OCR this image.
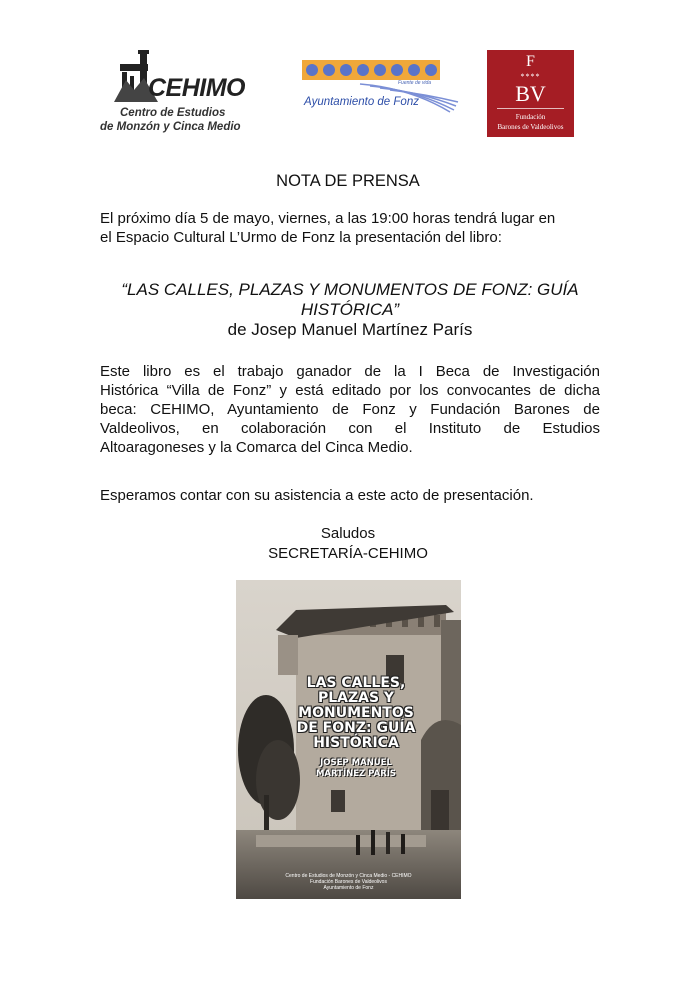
CEHIMO
Centro de Estudios
de Monzón y Cinca Medio
Fuente de vida
Ayuntamiento de Fonz
F
****
BV
Fundación
Barones de Valdeolivos
NOTA DE PRENSA
El próximo día 5 de mayo, viernes, a las 19:00 horas tendrá lugar en
el Espacio Cultural L’Urmo de Fonz la presentación del libro:
“LAS CALLES, PLAZAS Y MONUMENTOS DE FONZ: GUÍA
HISTÓRICA”
de Josep Manuel Martínez París
Este libro es el trabajo ganador de la I Beca de Investigación
Histórica “Villa de Fonz” y está editado por los convocantes de dicha
beca: CEHIMO, Ayuntamiento de Fonz y Fundación Barones de
Valdeolivos, en colaboración con el Instituto de Estudios
Altoaragoneses y la Comarca del Cinca Medio.
Esperamos contar con su asistencia a este acto de presentación.
Saludos
SECRETARÍA-CEHIMO
LAS CALLES,
PLAZAS Y
MONUMENTOS
DE FONZ: GUÍA
HISTÓRICA
JOSEP MANUEL
MARTÍNEZ PARÍS
Centro de Estudios de Monzón y Cinca Medio - CEHIMO
Fundación Barones de Valdeolivos
Ayuntamiento de Fonz
